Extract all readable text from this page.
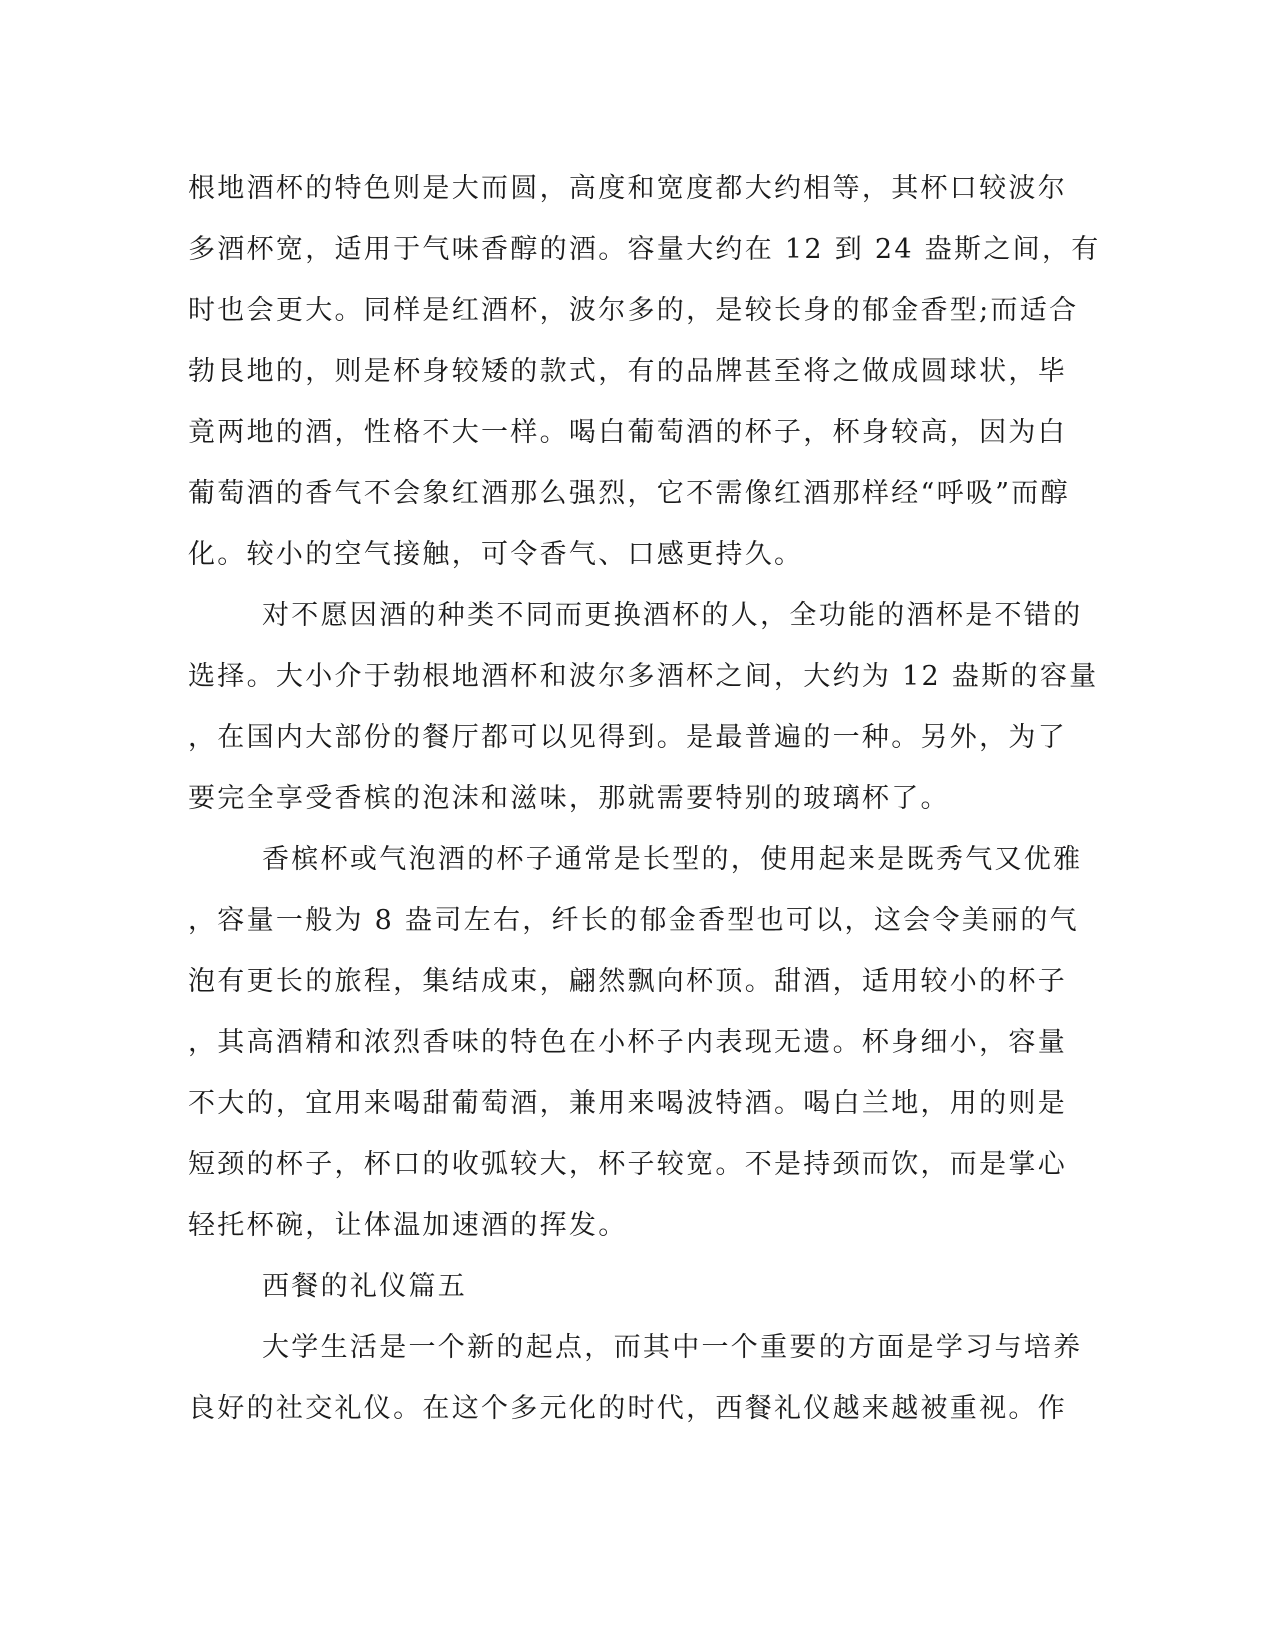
根地酒杯的特色则是大而圆，高度和宽度都大约相等，其杯口较波尔
多酒杯宽，适用于气味香醇的酒。容量大约在 12 到 24 盎斯之间，有
时也会更大。同样是红酒杯，波尔多的，是较长身的郁金香型;而适合
勃艮地的，则是杯身较矮的款式，有的品牌甚至将之做成圆球状，毕
竟两地的酒，性格不大一样。喝白葡萄酒的杯子，杯身较高，因为白
葡萄酒的香气不会象红酒那么强烈，它不需像红酒那样经“呼吸”而醇
化。较小的空气接触，可令香气、口感更持久。
对不愿因酒的种类不同而更换酒杯的人，全功能的酒杯是不错的
选择。大小介于勃根地酒杯和波尔多酒杯之间，大约为 12 盎斯的容量
，在国内大部份的餐厅都可以见得到。是最普遍的一种。另外，为了
要完全享受香槟的泡沫和滋味，那就需要特别的玻璃杯了。
香槟杯或气泡酒的杯子通常是长型的，使用起来是既秀气又优雅
，容量一般为 8 盎司左右，纤长的郁金香型也可以，这会令美丽的气
泡有更长的旅程，集结成束，翩然飘向杯顶。甜酒，适用较小的杯子
，其高酒精和浓烈香味的特色在小杯子内表现无遗。杯身细小，容量
不大的，宜用来喝甜葡萄酒，兼用来喝波特酒。喝白兰地，用的则是
短颈的杯子，杯口的收弧较大，杯子较宽。不是持颈而饮，而是掌心
轻托杯碗，让体温加速酒的挥发。
西餐的礼仪篇五
大学生活是一个新的起点，而其中一个重要的方面是学习与培养
良好的社交礼仪。在这个多元化的时代，西餐礼仪越来越被重视。作
